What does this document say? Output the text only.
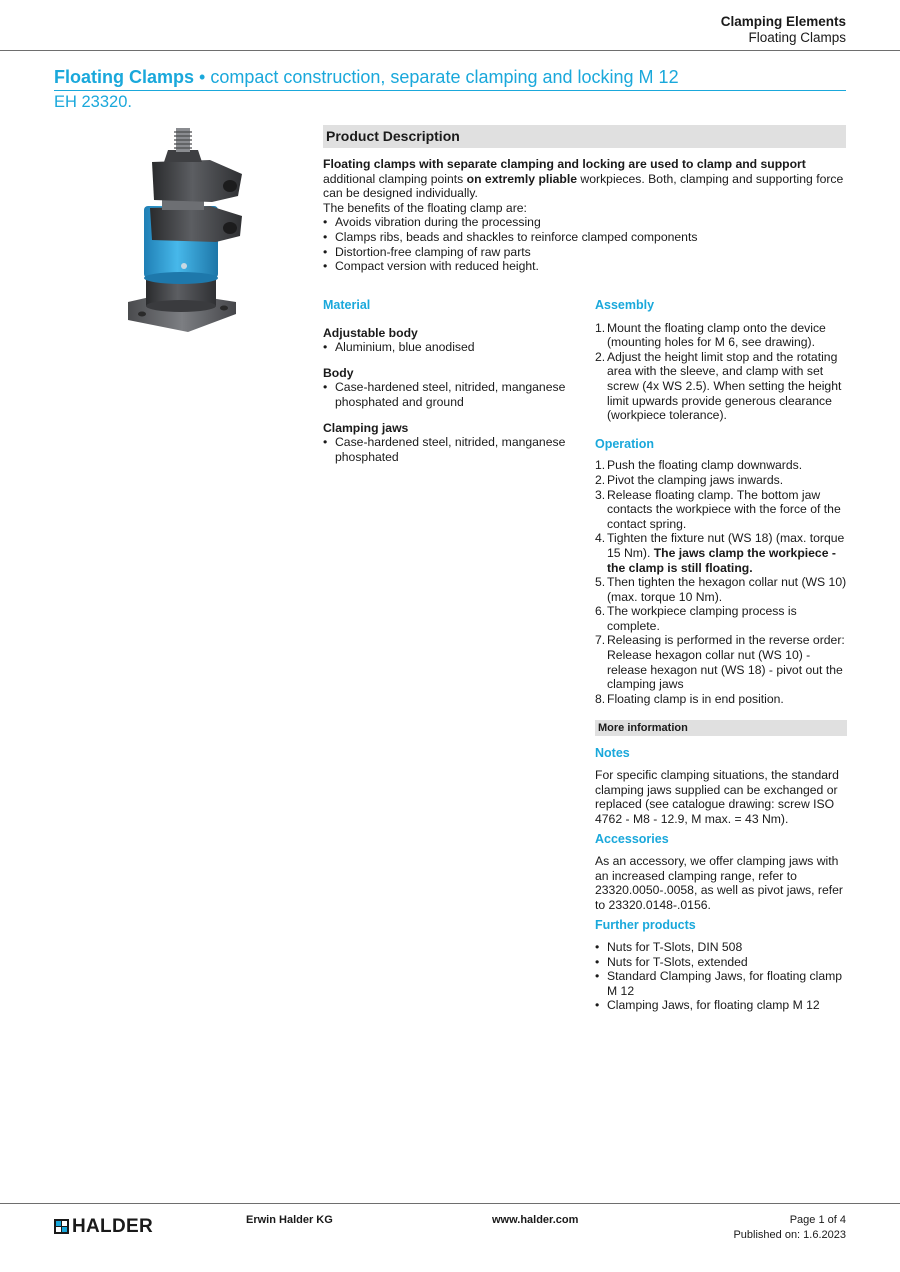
Clamping Elements
Floating Clamps
Floating Clamps • compact construction, separate clamping and locking M 12
EH 23320.
Product Description
Floating clamps with separate clamping and locking are used to clamp and support additional clamping points on extremly pliable workpieces. Both, clamping and supporting force can be designed individually.
The benefits of the floating clamp are:
• Avoids vibration during the processing
• Clamps ribs, beads and shackles to reinforce clamped components
• Distortion-free clamping of raw parts
• Compact version with reduced height.
Material
Adjustable body
• Aluminium, blue anodised
Body
• Case-hardened steel, nitrided, manganese phosphated and ground
Clamping jaws
• Case-hardened steel, nitrided, manganese phosphated
Assembly
1. Mount the floating clamp onto the device (mounting holes for M 6, see drawing).
2. Adjust the height limit stop and the rotating area with the sleeve, and clamp with set screw (4x WS 2.5). When setting the height limit upwards provide generous clearance (workpiece tolerance).
Operation
1. Push the floating clamp downwards.
2. Pivot the clamping jaws inwards.
3. Release floating clamp. The bottom jaw contacts the workpiece with the force of the contact spring.
4. Tighten the fixture nut (WS 18) (max. torque 15 Nm). The jaws clamp the workpiece - the clamp is still floating.
5. Then tighten the hexagon collar nut (WS 10) (max. torque 10 Nm).
6. The workpiece clamping process is complete.
7. Releasing is performed in the reverse order: Release hexagon collar nut (WS 10) - release hexagon nut (WS 18) - pivot out the clamping jaws
8. Floating clamp is in end position.
More information
Notes
For specific clamping situations, the standard clamping jaws supplied can be exchanged or replaced (see catalogue drawing: screw ISO 4762 - M8 - 12.9, M max. = 43 Nm).
Accessories
As an accessory, we offer clamping jaws with an increased clamping range, refer to 23320.0050-.0058, as well as pivot jaws, refer to 23320.0148-.0156.
Further products
• Nuts for T-Slots, DIN 508
• Nuts for T-Slots, extended
• Standard Clamping Jaws, for floating clamp M 12
• Clamping Jaws, for floating clamp M 12
HALDER	Erwin Halder KG	www.halder.com	Page 1 of 4
Published on: 1.6.2023
